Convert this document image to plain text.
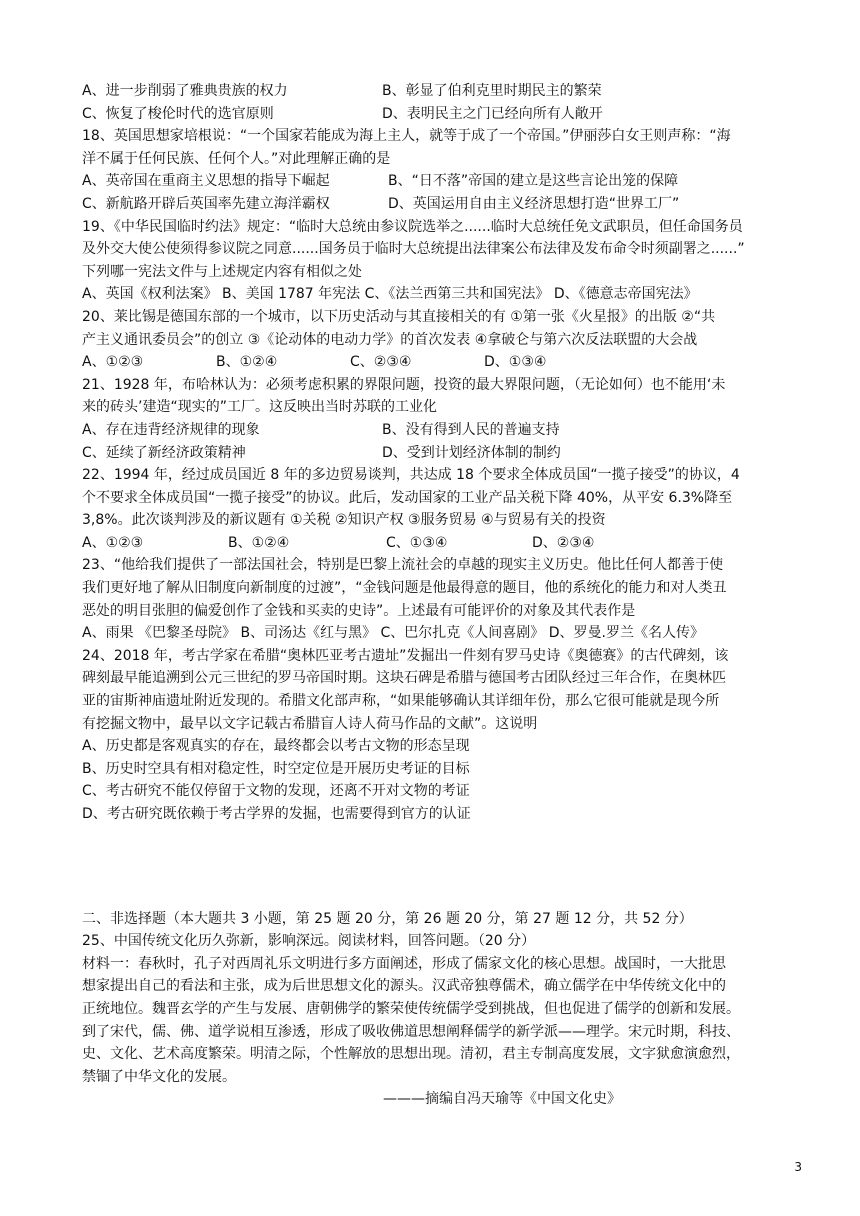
A、进一步削弱了雅典贵族的权力	B、彰显了伯利克里时期民主的繁荣
C、恢复了梭伦时代的选官原则	D、表明民主之门已经向所有人敞开
18、英国思想家培根说：“一个国家若能成为海上主人，就等于成了一个帝国。”伊丽莎白女王则声称：“海
洋不属于任何民族、任何个人。”对此理解正确的是
A、英帝国在重商主义思想的指导下崛起	B、“日不落”帝国的建立是这些言论出笼的保障
C、新航路开辟后英国率先建立海洋霸权	D、英国运用自由主义经济思想打造“世界工厂”
19、《中华民国临时约法》规定：“临时大总统由参议院选举之......临时大总统任免文武职员，但任命国务员
及外交大使公使须得参议院之同意......国务员于临时大总统提出法律案公布法律及发布命令时须副署之......”
下列哪一宪法文件与上述规定内容有相似之处
A、英国《权利法案》 B、美国 1787 年宪法 C、《法兰西第三共和国宪法》 D、《德意志帝国宪法》
20、莱比锡是德国东部的一个城市，以下历史活动与其直接相关的有 ①第一张《火星报》的出版 ②“共
产主义通讯委员会”的创立 ③《论动体的电动力学》的首次发表 ④拿破仑与第六次反法联盟的大会战
A、①②③	B、①②④	C、②③④	D、①③④
21、1928 年，布哈林认为：必须考虑积累的界限问题，投资的最大界限问题，（无论如何）也不能用‘未
来的砖头’建造“现实的”工厂。这反映出当时苏联的工业化
A、存在违背经济规律的现象	B、没有得到人民的普遍支持
C、延续了新经济政策精神	D、受到计划经济体制的制约
22、1994 年，经过成员国近 8 年的多边贸易谈判，共达成 18 个要求全体成员国“一揽子接受”的协议，4
个不要求全体成员国“一揽子接受”的协议。此后，发动国家的工业产品关税下降 40%，从平安 6.3%降至
3,8%。此次谈判涉及的新议题有 ①关税 ②知识产权 ③服务贸易 ④与贸易有关的投资
A、①②③	B、①②④	C、①③④	D、②③④
23、“他给我们提供了一部法国社会，特别是巴黎上流社会的卓越的现实主义历史。他比任何人都善于使
我们更好地了解从旧制度向新制度的过渡”，“金钱问题是他最得意的题目，他的系统化的能力和对人类丑
恶处的明目张胆的偏爱创作了金钱和买卖的史诗”。上述最有可能评价的对象及其代表作是
A、雨果 《巴黎圣母院》 B、司汤达《红与黑》 C、巴尔扎克《人间喜剧》 D、罗曼.罗兰《名人传》
24、2018 年，考古学家在希腊“奥林匹亚考古遗址”发掘出一件刻有罗马史诗《奥德赛》的古代碑刻，该
碑刻最早能追溯到公元三世纪的罗马帝国时期。这块石碑是希腊与德国考古团队经过三年合作，在奥林匹
亚的宙斯神庙遗址附近发现的。希腊文化部声称，“如果能够确认其详细年份，那么它很可能就是现今所
有挖掘文物中，最早以文字记载古希腊盲人诗人荷马作品的文献”。这说明
A、历史都是客观真实的存在，最终都会以考古文物的形态呈现
B、历史时空具有相对稳定性，时空定位是开展历史考证的目标
C、考古研究不能仅停留于文物的发现，还离不开对文物的考证
D、考古研究既依赖于考古学界的发掘，也需要得到官方的认证
二、非选择题（本大题共 3 小题，第 25 题 20 分，第 26 题 20 分，第 27 题 12 分，共 52 分）
25、中国传统文化历久弥新，影响深远。阅读材料，回答问题。（20 分）
材料一：春秋时，孔子对西周礼乐文明进行多方面阐述，形成了儒家文化的核心思想。战国时，一大批思
想家提出自己的看法和主张，成为后世思想文化的源头。汉武帝独尊儒术，确立儒学在中华传统文化中的
正统地位。魏晋玄学的产生与发展、唐朝佛学的繁荣使传统儒学受到挑战，但也促进了儒学的创新和发展。
到了宋代，儒、佛、道学说相互渗透，形成了吸收佛道思想阐释儒学的新学派——理学。宋元时期，科技、
史、文化、艺术高度繁荣。明清之际，个性解放的思想出现。清初，君主专制高度发展，文字狱愈演愈烈，
禁锢了中华文化的发展。
———摘编自冯天瑜等《中国文化史》
3
